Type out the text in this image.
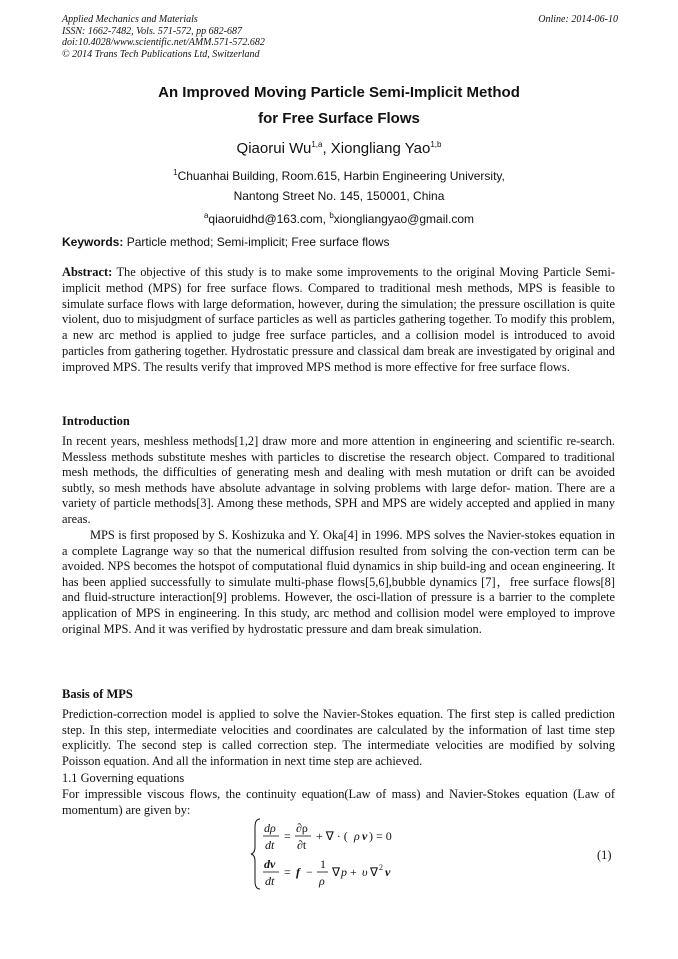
Applied Mechanics and Materials
ISSN: 1662-7482, Vols. 571-572, pp 682-687
doi:10.4028/www.scientific.net/AMM.571-572.682
© 2014 Trans Tech Publications Ltd, Switzerland
Online: 2014-06-10
An Improved Moving Particle Semi-Implicit Method
for Free Surface Flows
Qiaorui Wu$^{1,a}$, Xiongliang Yao$^{1,b}$
$^1$Chuanhai Building, Room.615, Harbin Engineering University,
Nantong Street No. 145, 150001, China
$^a$qiaoruidhd@163.com, $^b$xiongliangyao@gmail.com
Keywords: Particle method; Semi-implicit; Free surface flows
Abstract: The objective of this study is to make some improvements to the original Moving Particle Semi-implicit method (MPS) for free surface flows. Compared to traditional mesh methods, MPS is feasible to simulate surface flows with large deformation, however, during the simulation; the pressure oscillation is quite violent, duo to misjudgment of surface particles as well as particles gathering together. To modify this problem, a new arc method is applied to judge free surface particles, and a collision model is introduced to avoid particles from gathering together. Hydrostatic pressure and classical dam break are investigated by original and improved MPS. The results verify that improved MPS method is more effective for free surface flows.
Introduction

In recent years, meshless methods[1,2] draw more and more attention in engineering and scientific re-search. Messless methods substitute meshes with particles to discretise the research object. Compared to traditional mesh methods, the difficulties of generating mesh and dealing with mesh mutation or drift can be avoided subtly, so mesh methods have absolute advantage in solving problems with large defor- mation. There are a variety of particle methods[3]. Among these methods, SPH and MPS are widely accepted and applied in many areas.

MPS is first proposed by S. Koshizuka and Y. Oka[4] in 1996. MPS solves the Navier-stokes equation in a complete Lagrange way so that the numerical diffusion resulted from solving the con-vection term can be avoided. NPS becomes the hotspot of computational fluid dynamics in ship build-ing and ocean engineering. It has been applied successfully to simulate multi-phase flows[5,6],bubble dynamics [7]，free surface flows[8] and fluid-structure interaction[9] problems. However, the osci-llation of pressure is a barrier to the complete application of MPS in engineering. In this study, arc method and collision model were employed to improve original MPS. And it was verified by hydrostatic pressure and dam break simulation.

Basis of MPS

Prediction-correction model is applied to solve the Navier-Stokes equation. The first step is called prediction step. In this step, intermediate velocities and coordinates are calculated by the information of last time step explicitly. The second step is called correction step. The intermediate velocities are modified by solving Poisson equation. And all the information in next time step are achieved.

1.1 Governing equations

For impressible viscous flows, the continuity equation(Law of mass) and Navier-Stokes equation (Law of momentum) are given by:

dρ
dt
=
∂ρ
∂t
+ ∇ · ( ρ v ) = 0
dv
dt
= f −
1
ρ
∇ p + υ ∇ 2 v
(1)
